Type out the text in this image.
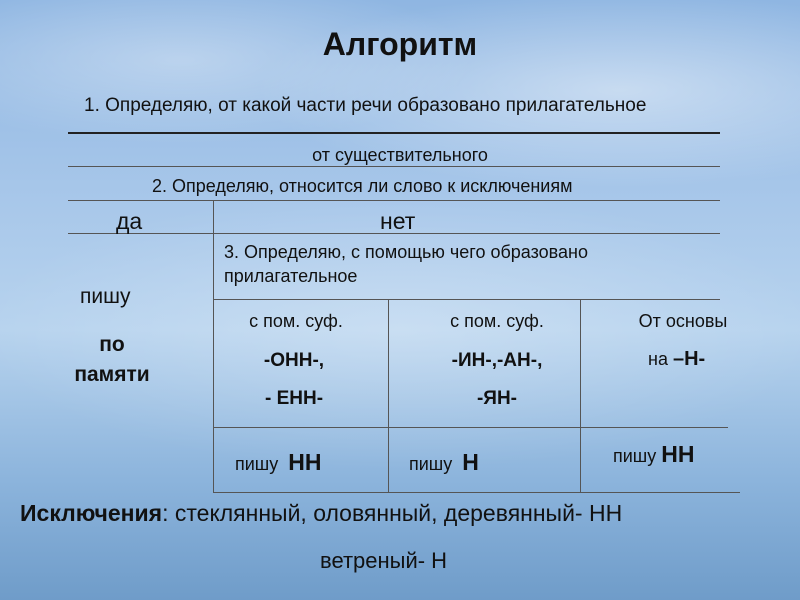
Алгоритм
1. Определяю, от какой части речи образовано прилагательное
от существительного
2. Определяю, относится ли слово к исключениям
да	нет
3. Определяю, с помощью чего образовано прилагательное
пишу
по памяти
с пом. суф.
-ОНН-,
- ЕНН-
пишу НН
с пом. суф.
-ИН-,-АН-,
-ЯН-
пишу Н
От основы
на –Н-
пишу НН
Исключения: стеклянный, оловянный, деревянный- НН
ветреный- Н
